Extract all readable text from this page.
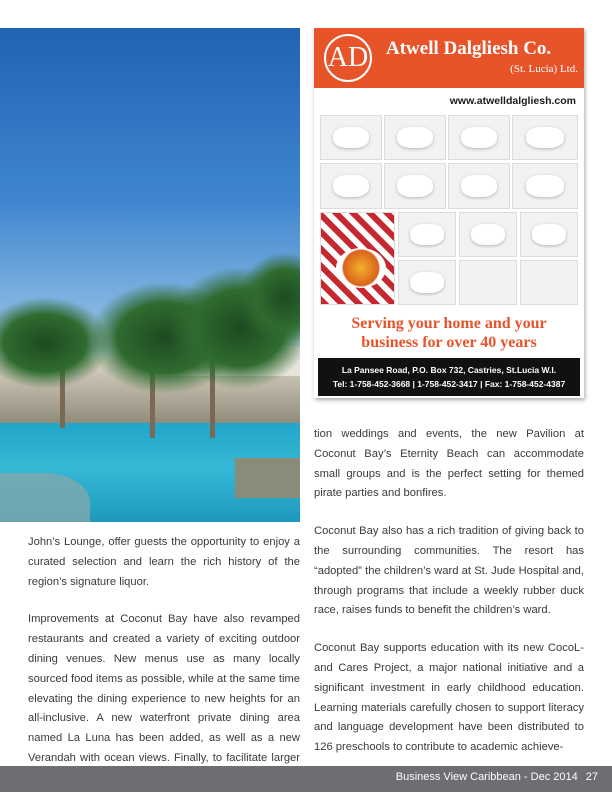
AD Atwell Dalgliesh Co.
(St. Lucia) Ltd.
www.atwelldalgliesh.com
Serving your home and your
business for over 40 years
La Pansee Road, P.O. Box 732, Castries, St.Lucia W.I.
Tel: 1-758-452-3668 | 1-758-452-3417 | Fax: 1-758-452-4387

John’s Lounge, offer guests the opportunity to enjoy a curated selection and learn the rich history of the region’s signature liquor.

Improvements at Coconut Bay have also revamped restaurants and created a variety of exciting outdoor dining venues. New menus use as many locally sourced food items as possible, while at the same time elevating the dining experience to new heights for an all-inclusive. A new waterfront private dining area named La Luna has been added, as well as a new Verandah with ocean views. Finally, to facilitate larger

tion weddings and events, the new Pavilion at Coconut Bay’s Eternity Beach can accommodate small groups and is the perfect setting for themed pirate parties and bonfires.

Coconut Bay also has a rich tradition of giving back to the surrounding communities. The resort has “adopted” the children’s ward at St. Jude Hospital and, through programs that include a weekly rubber duck race, raises funds to benefit the children’s ward.

Coconut Bay supports education with its new CocoL-and Cares Project, a major national initiative and a significant investment in early childhood education. Learning materials carefully chosen to support literacy and language development have been distributed to 126 preschools to contribute to academic achieve-

Business View Caribbean - Dec 2014 27
